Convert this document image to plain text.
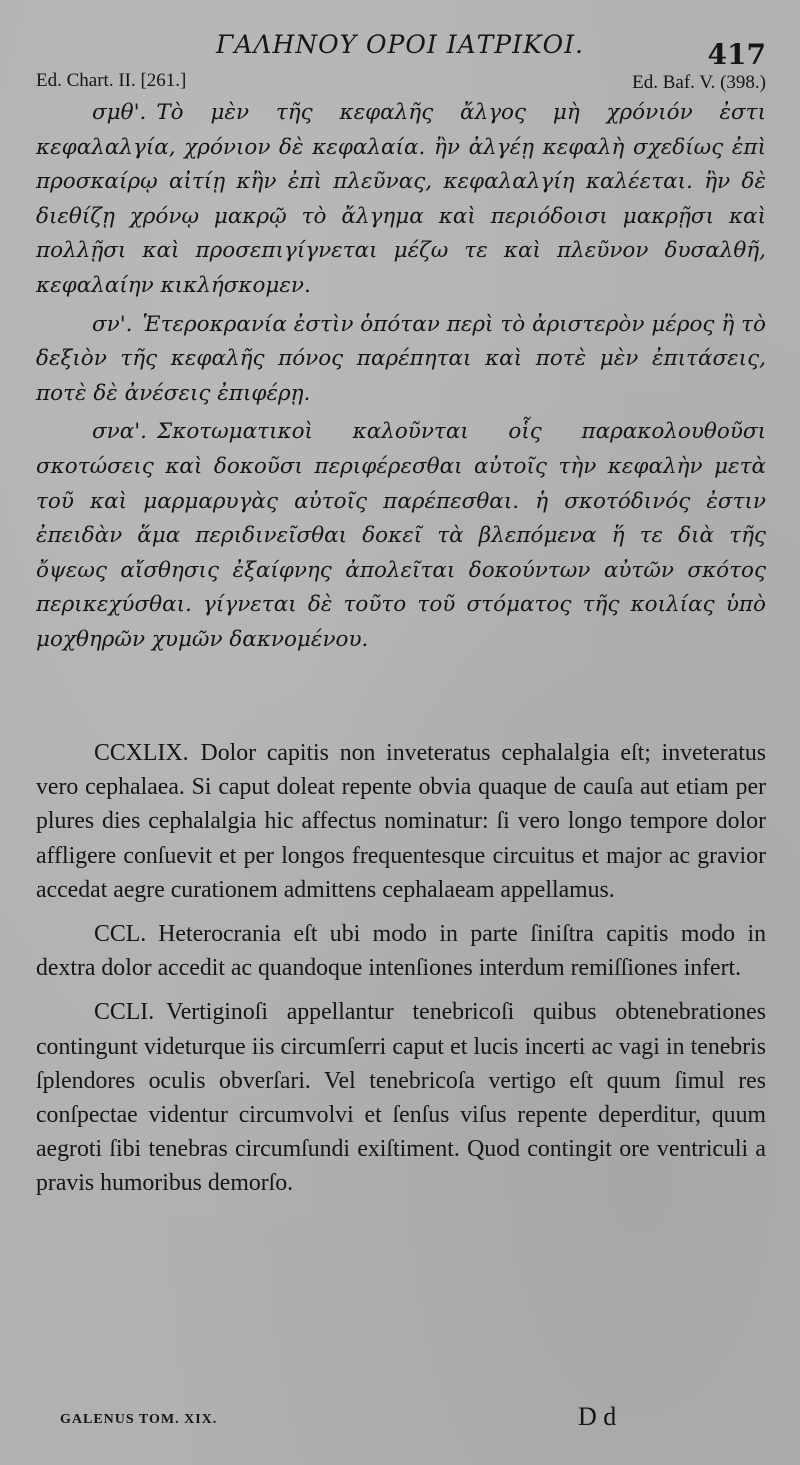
ΓΑΛΗΝΟΥ ΟΡΟΙ ΙΑΤΡΙΚΟΙ.	417
Ed. Chart. II. [261.]	Ed. Baf. V. (398.)

σμθ'. Τὸ μὲν τῆς κεφαλῆς ἄλγος μὴ χρόνιόν ἐστι κεφαλαλγία, χρόνιον δὲ κεφαλαία. ἢν ἀλγέῃ κεφαλὴ σχεδίως ἐπὶ προσκαίρῳ αἰτίῃ κἢν ἐπὶ πλεῦνας, κεφαλαλγίη καλέεται. ἢν δὲ διεθίζῃ χρόνῳ μακρῷ τὸ ἄλγημα καὶ περιόδοισι μακρῇσι καὶ πολλῇσι καὶ προσεπιγίγνεται μέζω τε καὶ πλεῦνον δυσαλθῆ, κεφαλαίην κικλήσκομεν.

σν'. Ἑτεροκρανία ἐστὶν ὁπόταν περὶ τὸ ἀριστερὸν μέρος ἢ τὸ δεξιὸν τῆς κεφαλῆς πόνος παρέπηται καὶ ποτὲ μὲν ἐπιτάσεις, ποτὲ δὲ ἀνέσεις ἐπιφέρῃ.

σνα'. Σκοτωματικοὶ καλοῦνται οἷς παρακολουθοῦσι σκοτώσεις καὶ δοκοῦσι περιφέρεσθαι αὐτοῖς τὴν κεφαλὴν μετὰ τοῦ καὶ μαρμαρυγὰς αὐτοῖς παρέπεσθαι. ἡ σκοτόδινός ἐστιν ἐπειδὰν ἅμα περιδινεῖσθαι δοκεῖ τὰ βλεπόμενα ἥ τε διὰ τῆς ὄψεως αἴσθησις ἐξαίφνης ἀπολεῖται δοκούντων αὐτῶν σκότος περικεχύσθαι. γίγνεται δὲ τοῦτο τοῦ στόματος τῆς κοιλίας ὑπὸ μοχθηρῶν χυμῶν δακνομένου.

CCXLIX. Dolor capitis non inveteratus cephalalgia eſt; inveteratus vero cephalaea. Si caput doleat repente obvia quaque de cauſa aut etiam per plures dies cephalalgia hic affectus nominatur: ſi vero longo tempore dolor affligere conſuevit et per longos frequentesque circuitus et major ac gravior accedat aegre curationem admittens cephalaeam appellamus.

CCL. Heterocrania eſt ubi modo in parte ſiniſtra capitis modo in dextra dolor accedit ac quandoque intenſiones interdum remiſſiones infert.

CCLI. Vertiginoſi appellantur tenebricoſi quibus obtenebrationes contingunt videturque iis circumſerri caput et lucis incerti ac vagi in tenebris ſplendores oculis obverſari. Vel tenebricoſa vertigo eſt quum ſimul res conſpectae videntur circumvolvi et ſenſus viſus repente deperditur, quum aegroti ſibi tenebras circumſundi exiſtiment. Quod contingit ore ventriculi a pravis humoribus demorſo.

GALENUS TOM. XIX.	D d
